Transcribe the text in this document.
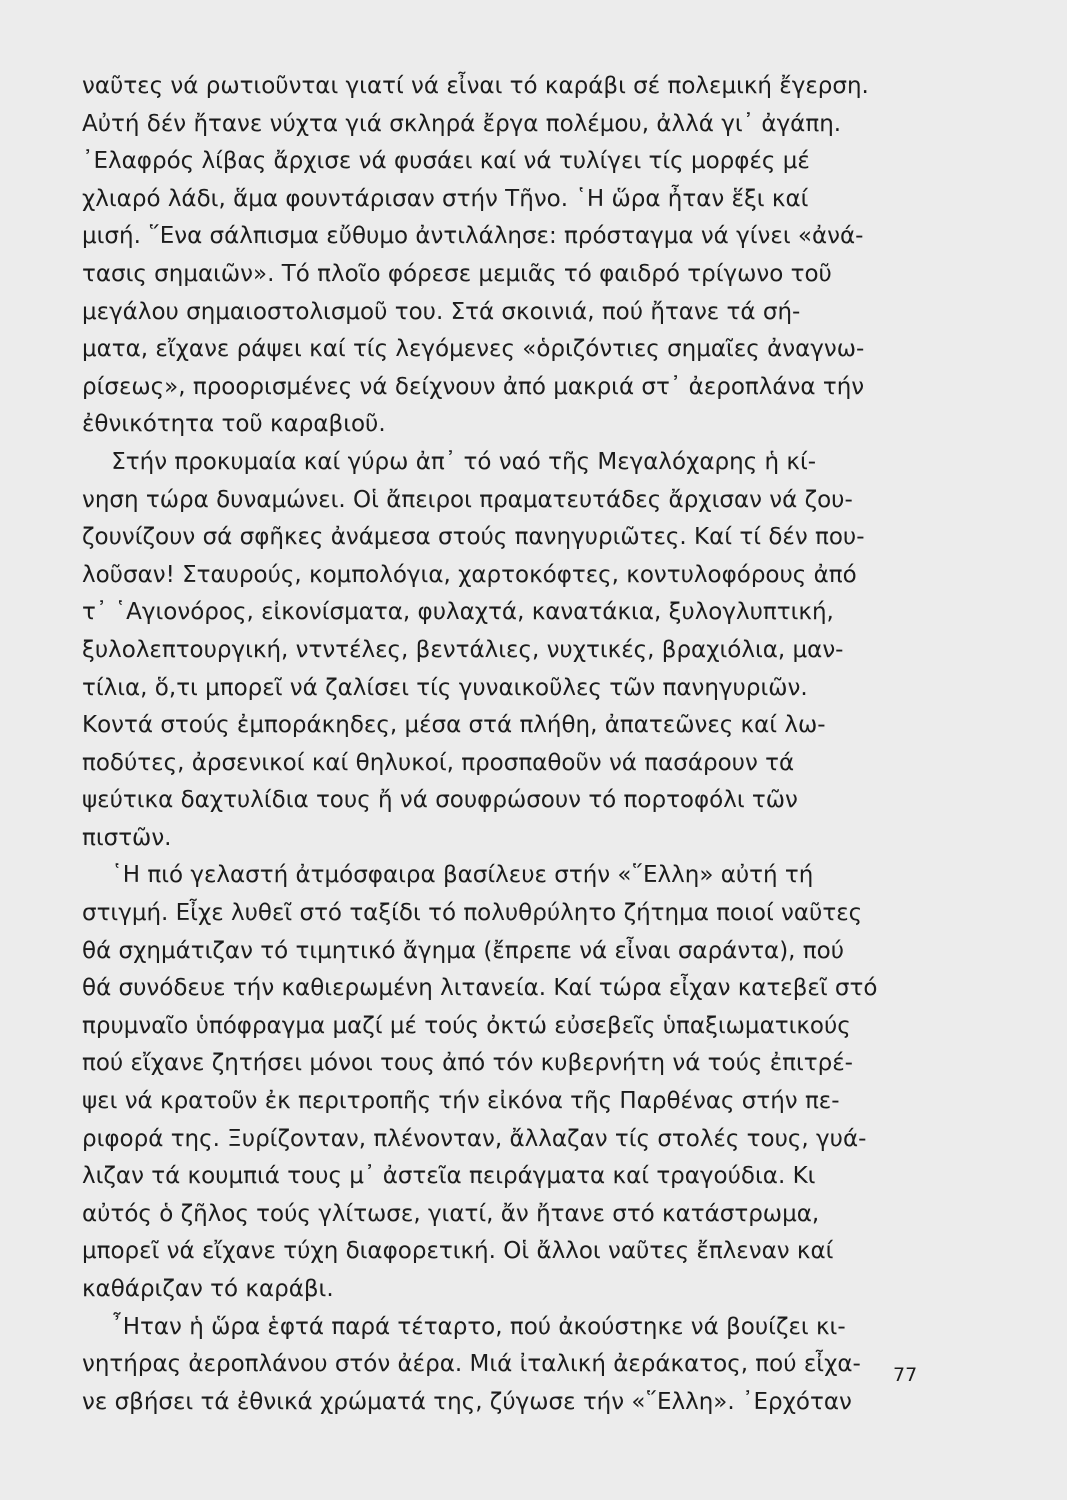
ναῦτες νά ρωτιοῦνται γιατί νά εἶναι τό καράβι σέ πολεμική ἔγερση.
Αὐτή δέν ἤτανε νύχτα γιά σκληρά ἔργα πολέμου, ἀλλά γι᾽ ἀγάπη.
᾽Ελαφρός λίβας ἄρχισε νά φυσάει καί νά τυλίγει τίς μορφές μέ
χλιαρό λάδι, ἅμα φουντάρισαν στήν Τῆνο. ῾Η ὥρα ἦταν ἕξι καί
μισή. ῞Ενα σάλπισμα εὔθυμο ἀντιλάλησε: πρόσταγμα νά γίνει «ἀνά-
τασις σημαιῶν». Τό πλοῖο φόρεσε μεμιᾶς τό φαιδρό τρίγωνο τοῦ
μεγάλου σημαιοστολισμοῦ του. Στά σκοινιά, πού ἤτανε τά σή-
ματα, εἴχανε ράψει καί τίς λεγόμενες «ὁριζόντιες σημαῖες ἀναγνω-
ρίσεως», προορισμένες νά δείχνουν ἀπό μακριά στ᾽ ἀεροπλάνα τήν
ἐθνικότητα τοῦ καραβιοῦ.
Στήν προκυμαία καί γύρω ἀπ᾽ τό ναό τῆς Μεγαλόχαρης ἡ κί-
νηση τώρα δυναμώνει. Οἱ ἄπειροι πραματευτάδες ἄρχισαν νά ζου-
ζουνίζουν σά σφῆκες ἀνάμεσα στούς πανηγυριῶτες. Καί τί δέν που-
λοῦσαν! Σταυρούς, κομπολόγια, χαρτοκόφτες, κοντυλοφόρους ἀπό
τ᾽ ῾Αγιονόρος, εἰκονίσματα, φυλαχτά, κανατάκια, ξυλογλυπτική,
ξυλολεπτουργική, ντντέλες, βεντάλιες, νυχτικές, βραχιόλια, μαν-
τίλια, ὅ,τι μπορεῖ νά ζαλίσει τίς γυναικοῦλες τῶν πανηγυριῶν.
Κοντά στούς ἐμποράκηδες, μέσα στά πλήθη, ἀπατεῶνες καί λω-
ποδύτες, ἀρσενικοί καί θηλυκοί, προσπαθοῦν νά πασάρουν τά
ψεύτικα δαχτυλίδια τους ἤ νά σουφρώσουν τό πορτοφόλι τῶν
πιστῶν.
῾Η πιό γελαστή ἀτμόσφαιρα βασίλευε στήν «῞Ελλη» αὐτή τή
στιγμή. Εἶχε λυθεῖ στό ταξίδι τό πολυθρύλητο ζήτημα ποιοί ναῦτες
θά σχημάτιζαν τό τιμητικό ἄγημα (ἔπρεπε νά εἶναι σαράντα), πού
θά συνόδευε τήν καθιερωμένη λιτανεία. Καί τώρα εἶχαν κατεβεῖ στό
πρυμναῖο ὑπόφραγμα μαζί μέ τούς ὀκτώ εὐσεβεῖς ὑπαξιωματικούς
πού εἴχανε ζητήσει μόνοι τους ἀπό τόν κυβερνήτη νά τούς ἐπιτρέ-
ψει νά κρατοῦν ἐκ περιτροπῆς τήν εἰκόνα τῆς Παρθένας στήν πε-
ριφορά της. Ξυρίζονταν, πλένονταν, ἄλλαζαν τίς στολές τους, γυά-
λιζαν τά κουμπιά τους μ᾽ ἀστεῖα πειράγματα καί τραγούδια. Κι
αὐτός ὁ ζῆλος τούς γλίτωσε, γιατί, ἄν ἤτανε στό κατάστρωμα,
μπορεῖ νά εἴχανε τύχη διαφορετική. Οἱ ἄλλοι ναῦτες ἔπλεναν καί
καθάριζαν τό καράβι.
῏Ηταν ἡ ὥρα ἑφτά παρά τέταρτο, πού ἀκούστηκε νά βουίζει κι-
νητήρας ἀεροπλάνου στόν ἀέρα. Μιά ἰταλική ἀεράκατος, πού εἶχα-
νε σβήσει τά ἐθνικά χρώματά της, ζύγωσε τήν «῞Ελλη». ᾽Ερχόταν
77
